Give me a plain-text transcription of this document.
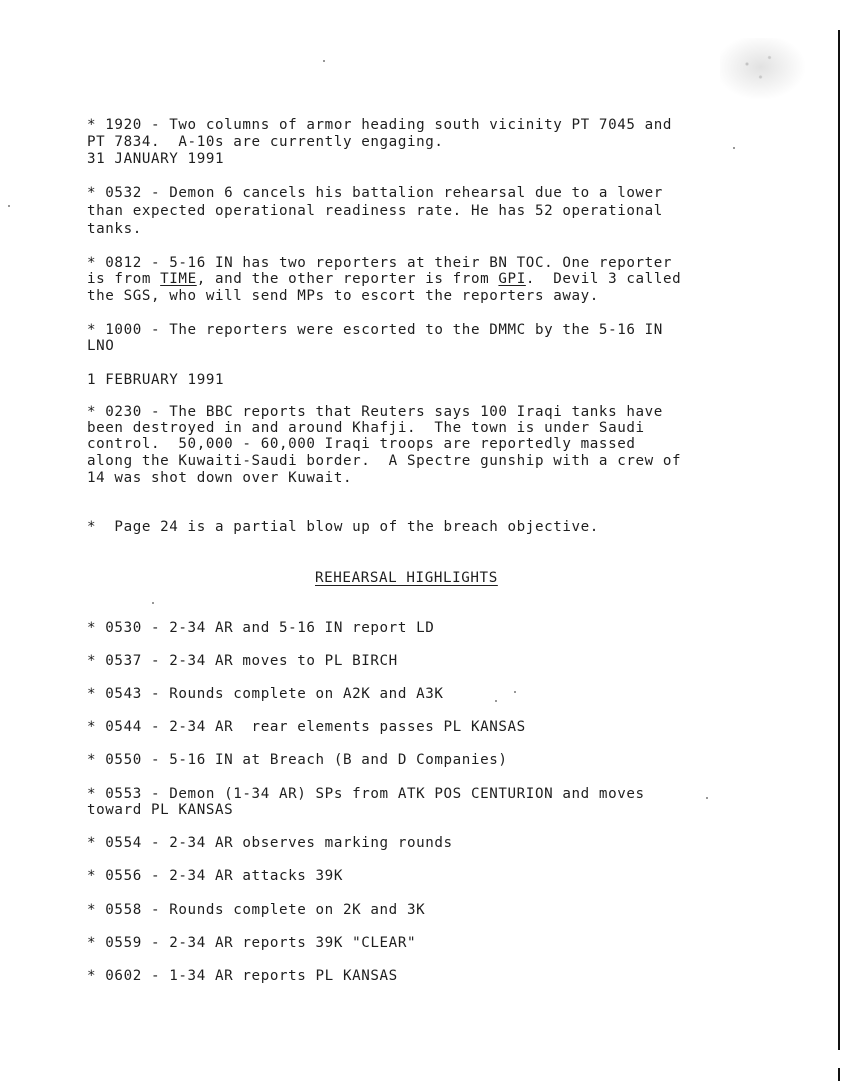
* 1920 - Two columns of armor heading south vicinity PT 7045 and
PT 7834.  A-10s are currently engaging.
31 JANUARY 1991
* 0532 - Demon 6 cancels his battalion rehearsal due to a lower
than expected operational readiness rate. He has 52 operational
tanks.
* 0812 - 5-16 IN has two reporters at their BN TOC. One reporter
is from TIME, and the other reporter is from GPI.  Devil 3 called
the SGS, who will send MPs to escort the reporters away.
* 1000 - The reporters were escorted to the DMMC by the 5-16 IN
LNO
1 FEBRUARY 1991
* 0230 - The BBC reports that Reuters says 100 Iraqi tanks have
been destroyed in and around Khafji.  The town is under Saudi
control.  50,000 - 60,000 Iraqi troops are reportedly massed
along the Kuwaiti-Saudi border.  A Spectre gunship with a crew of
14 was shot down over Kuwait.
*  Page 24 is a partial blow up of the breach objective.
REHEARSAL HIGHLIGHTS
* 0530 - 2-34 AR and 5-16 IN report LD
* 0537 - 2-34 AR moves to PL BIRCH
* 0543 - Rounds complete on A2K and A3K
* 0544 - 2-34 AR  rear elements passes PL KANSAS
* 0550 - 5-16 IN at Breach (B and D Companies)
* 0553 - Demon (1-34 AR) SPs from ATK POS CENTURION and moves
toward PL KANSAS
* 0554 - 2-34 AR observes marking rounds
* 0556 - 2-34 AR attacks 39K
* 0558 - Rounds complete on 2K and 3K
* 0559 - 2-34 AR reports 39K "CLEAR"
* 0602 - 1-34 AR reports PL KANSAS
